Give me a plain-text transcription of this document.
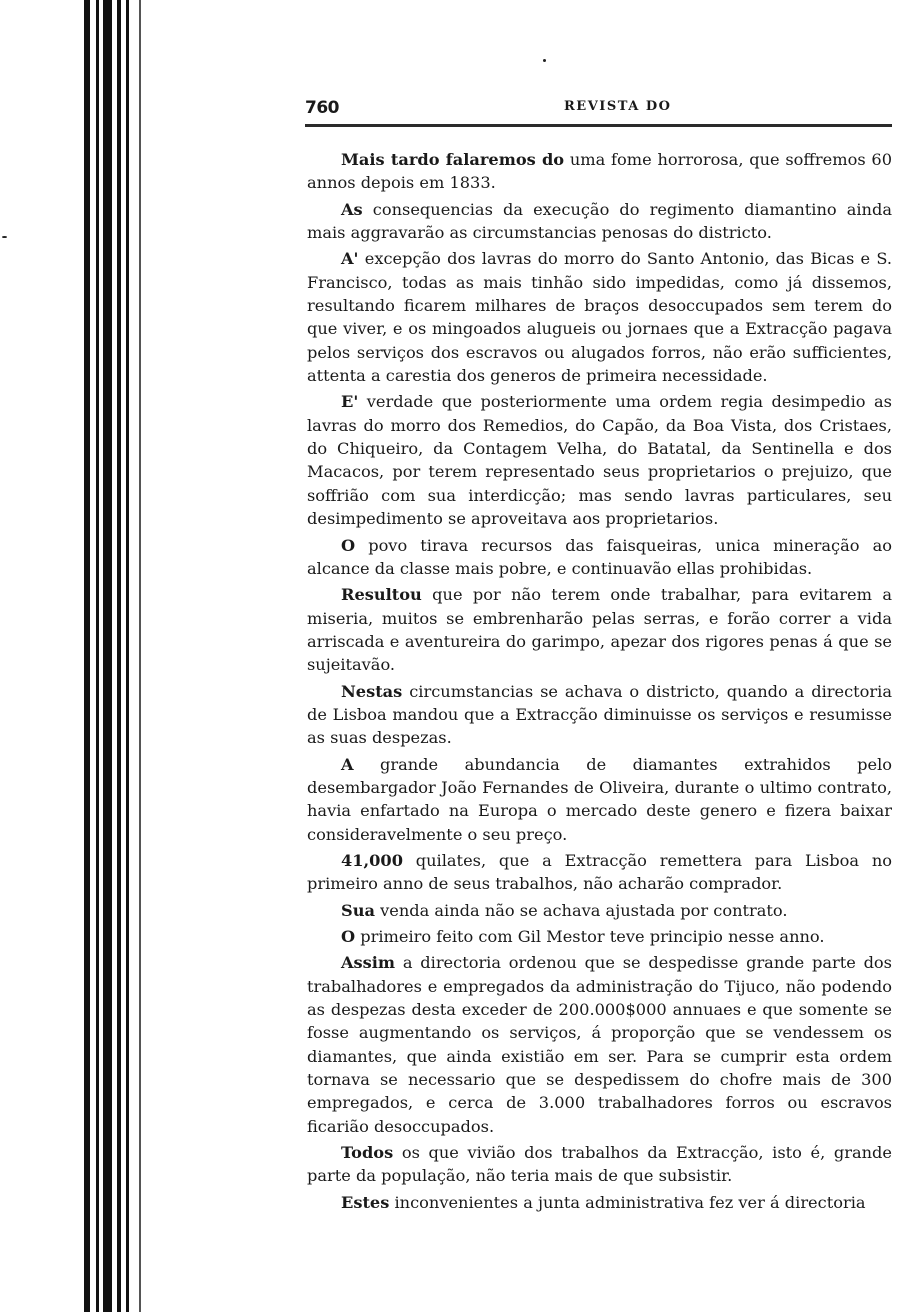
760	REVISTA DO

Mais tardo falaremos do uma fome horrorosa, que soffremos 60 annos depois em 1833.

As consequencias da execução do regimento diamantino ainda mais aggravarão as circumstancias penosas do districto.

A' excepção dos lavras do morro do Santo Antonio, das Bicas e S. Francisco, todas as mais tinhão sido impedidas, como já dissemos, resultando ficarem milhares de braços desoccupados sem terem do que viver, e os mingoados alugueis ou jornaes que a Extracção pagava pelos serviços dos escravos ou alugados forros, não erão sufficientes, attenta a carestia dos generos de primeira necessidade.

E' verdade que posteriormente uma ordem regia desimpedio as lavras do morro dos Remedios, do Capão, da Boa Vista, dos Cristaes, do Chiqueiro, da Contagem Velha, do Batatal, da Sentinella e dos Macacos, por terem representado seus proprietarios o prejuizo, que soffrião com sua interdicção; mas sendo lavras particulares, seu desimpedimento se aproveitava aos proprietarios.

O povo tirava recursos das faisqueiras, unica mineração ao alcance da classe mais pobre, e continuavão ellas prohibidas.

Resultou que por não terem onde trabalhar, para evitarem a miseria, muitos se embrenharão pelas serras, e forão correr a vida arriscada e aventureira do garimpo, apezar dos rigores penas á que se sujeitavão.

Nestas circumstancias se achava o districto, quando a directoria de Lisboa mandou que a Extracção diminuisse os serviços e resumisse as suas despezas.

A grande abundancia de diamantes extrahidos pelo desembargador João Fernandes de Oliveira, durante o ultimo contrato, havia enfartado na Europa o mercado deste genero e fizera baixar consideravelmente o seu preço.

41,000 quilates, que a Extracção remettera para Lisboa no primeiro anno de seus trabalhos, não acharão comprador.

Sua venda ainda não se achava ajustada por contrato.

O primeiro feito com Gil Mestor teve principio nesse anno.

Assim a directoria ordenou que se despedisse grande parte dos trabalhadores e empregados da administração do Tijuco, não podendo as despezas desta exceder de 200.000$000 annuaes e que somente se fosse augmentando os serviços, á proporção que se vendessem os diamantes, que ainda existião em ser. Para se cumprir esta ordem tornava se necessario que se despedissem do chofre mais de 300 empregados, e cerca de 3.000 trabalhadores forros ou escravos ficarião desoccupados.

Todos os que vivião dos trabalhos da Extracção, isto é, grande parte da população, não teria mais de que subsistir.

Estes inconvenientes a junta administrativa fez ver á directoria
